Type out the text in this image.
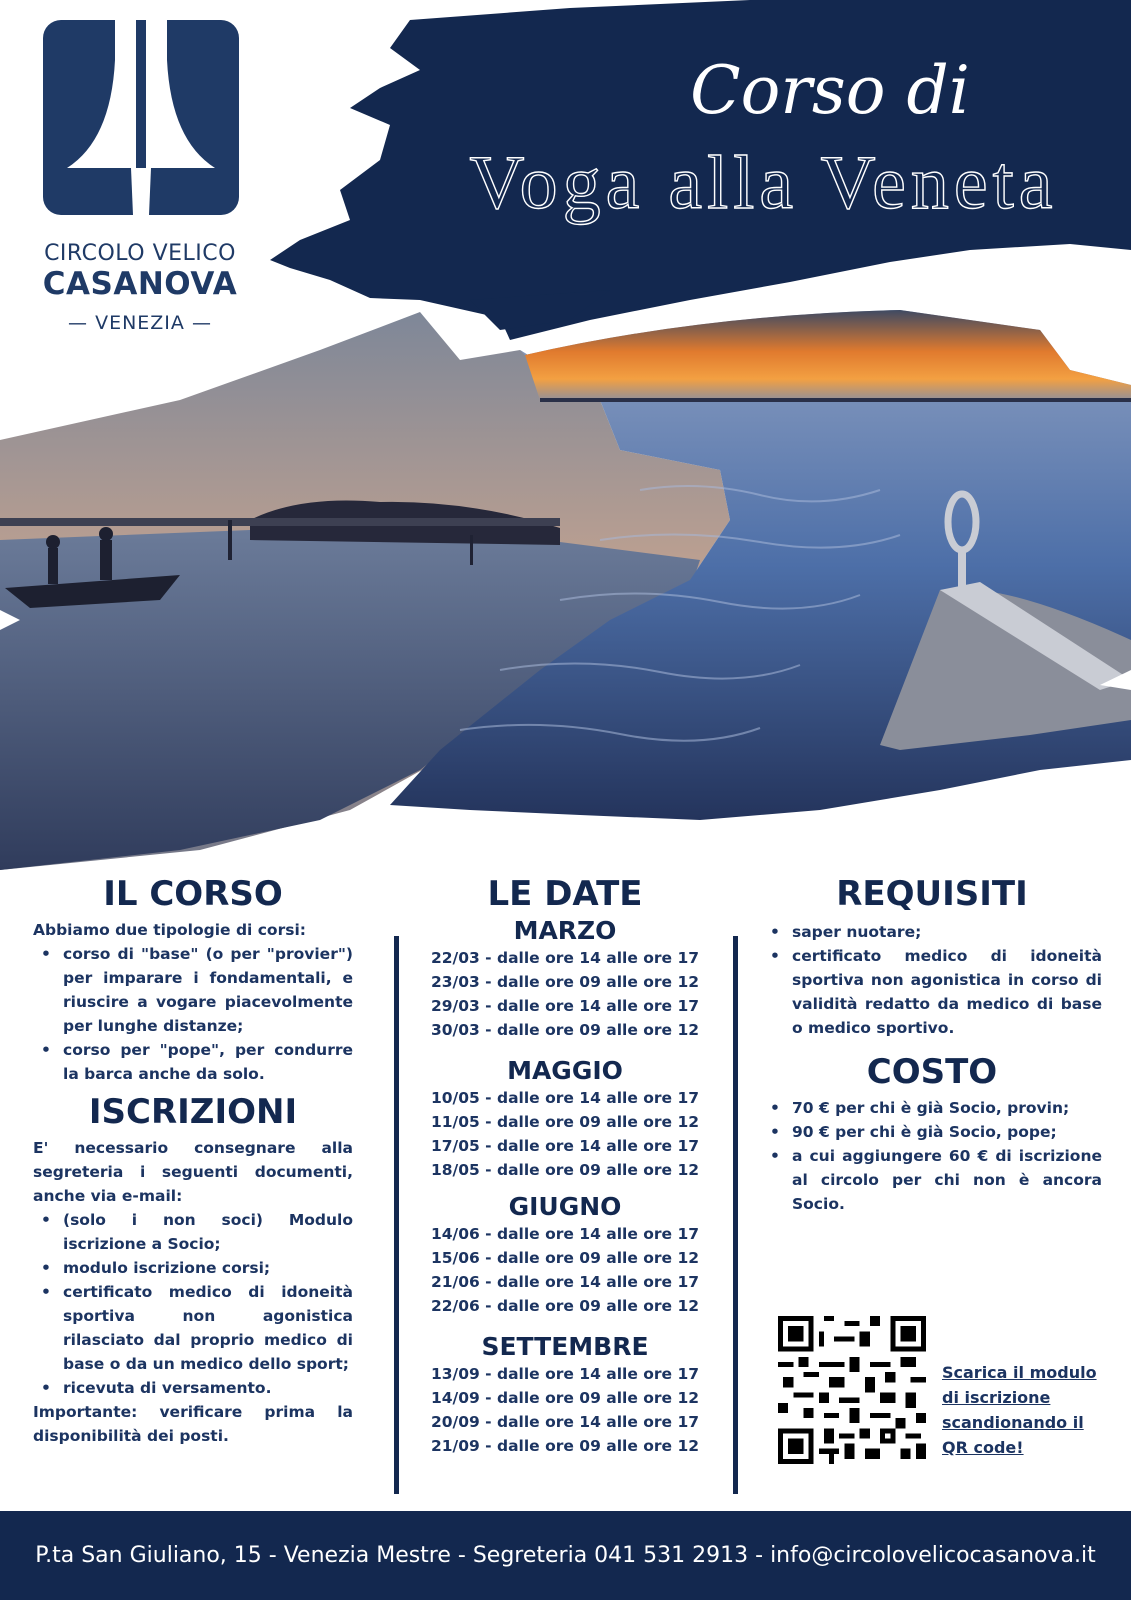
CIRCOLO VELICO
CASANOVA
— VENEZIA —
Corso di
Voga alla Veneta
IL CORSO
Abbiamo due tipologie di corsi:
• corso di "base" (o per "provier") per imparare i fondamentali, e riuscire a vogare piacevolmente per lunghe distanze;
• corso per "pope", per condurre la barca anche da solo.
ISCRIZIONI
E' necessario consegnare alla segreteria i seguenti documenti, anche via e-mail:
• (solo i non soci) Modulo iscrizione a Socio;
• modulo iscrizione corsi;
• certificato medico di idoneità sportiva non agonistica rilasciato dal proprio medico di base o da un medico dello sport;
• ricevuta di versamento.
Importante: verificare prima la disponibilità dei posti.
LE DATE
MARZO
22/03 - dalle ore 14 alle ore 17
23/03 - dalle ore 09 alle ore 12
29/03 - dalle ore 14 alle ore 17
30/03 - dalle ore 09 alle ore 12
MAGGIO
10/05 - dalle ore 14 alle ore 17
11/05 - dalle ore 09 alle ore 12
17/05 - dalle ore 14 alle ore 17
18/05 - dalle ore 09 alle ore 12
GIUGNO
14/06 - dalle ore 14 alle ore 17
15/06 - dalle ore 09 alle ore 12
21/06 - dalle ore 14 alle ore 17
22/06 - dalle ore 09 alle ore 12
SETTEMBRE
13/09 - dalle ore 14 alle ore 17
14/09 - dalle ore 09 alle ore 12
20/09 - dalle ore 14 alle ore 17
21/09 - dalle ore 09 alle ore 12
REQUISITI
• saper nuotare;
• certificato medico di idoneità sportiva non agonistica in corso di validità redatto da medico di base o medico sportivo.
COSTO
• 70 € per chi è già Socio, provin;
• 90 € per chi è già Socio, pope;
• a cui aggiungere 60 € di iscrizione al circolo per chi non è ancora Socio.
Scarica il modulo di iscrizione scandionando il QR code!
P.ta San Giuliano, 15 - Venezia Mestre - Segreteria 041 531 2913 - info@circolovelicocasanova.it
